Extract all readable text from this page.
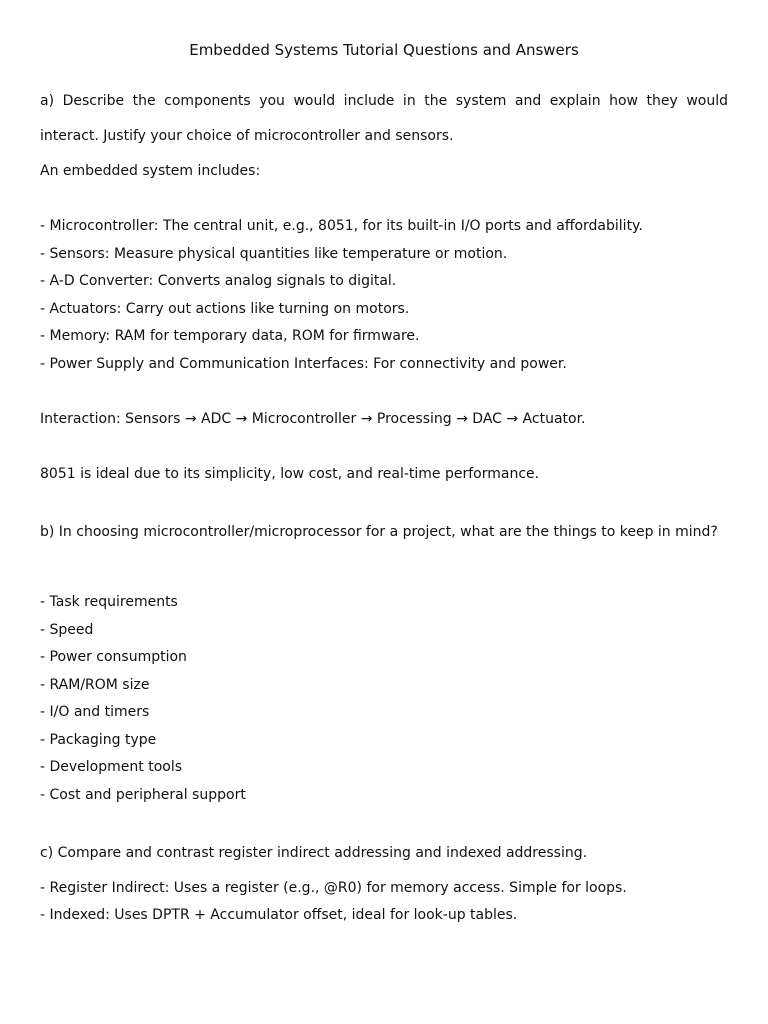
Embedded Systems Tutorial Questions and Answers

a) Describe the components you would include in the system and explain how they would interact. Justify your choice of microcontroller and sensors.

An embedded system includes:

- Microcontroller: The central unit, e.g., 8051, for its built-in I/O ports and affordability.

- Sensors: Measure physical quantities like temperature or motion.

- A-D Converter: Converts analog signals to digital.

- Actuators: Carry out actions like turning on motors.

- Memory: RAM for temporary data, ROM for firmware.

- Power Supply and Communication Interfaces: For connectivity and power.

Interaction: Sensors → ADC → Microcontroller → Processing → DAC → Actuator.

8051 is ideal due to its simplicity, low cost, and real-time performance.

b) In choosing microcontroller/microprocessor for a project, what are the things to keep in mind?

- Task requirements

- Speed

- Power consumption

- RAM/ROM size

- I/O and timers

- Packaging type

- Development tools

- Cost and peripheral support

c) Compare and contrast register indirect addressing and indexed addressing.

- Register Indirect: Uses a register (e.g., @R0) for memory access. Simple for loops.

- Indexed: Uses DPTR + Accumulator offset, ideal for look-up tables.
